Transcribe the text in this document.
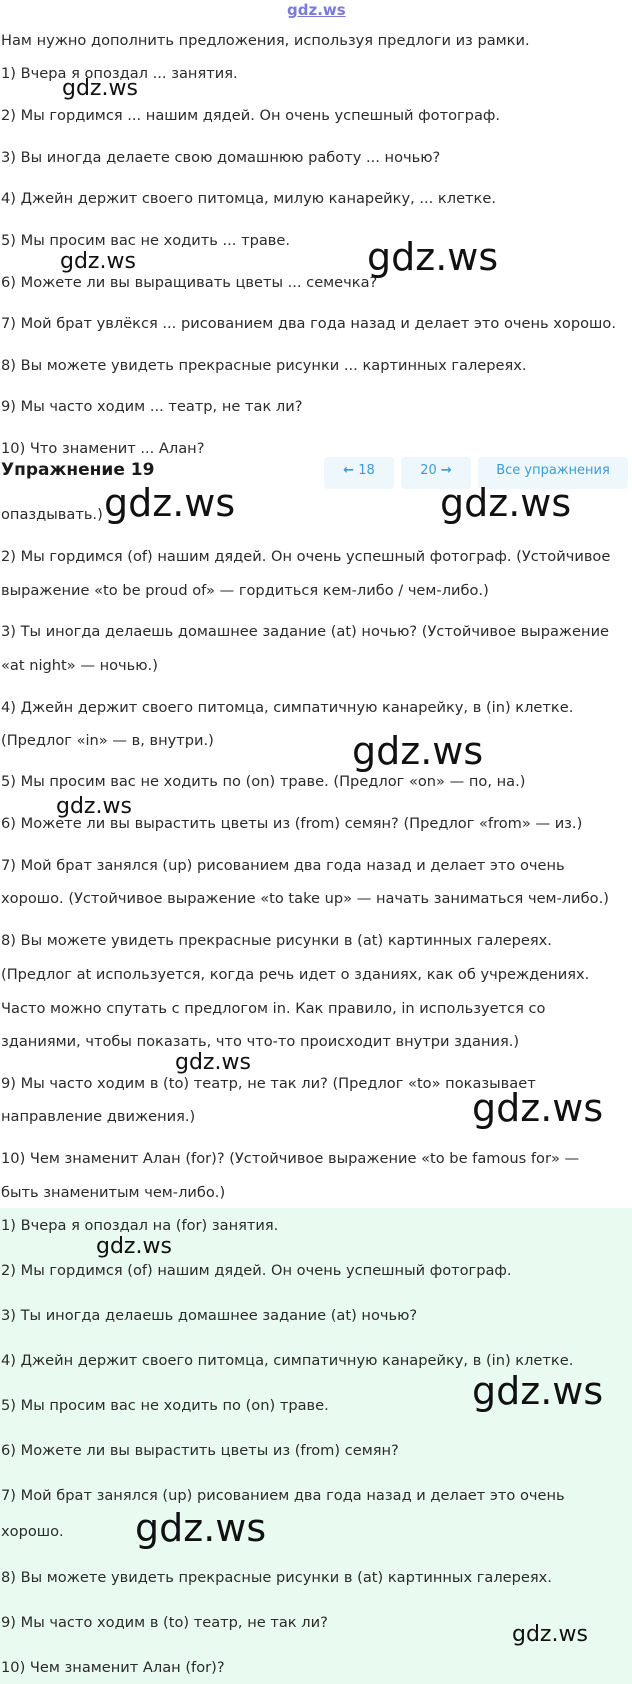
gdz.ws
Нам нужно дополнить предложения, используя предлоги из рамки.
1) Вчера я опоздал ... занятия.
2) Мы гордимся ... нашим дядей. Он очень успешный фотограф.
3) Вы иногда делаете свою домашнюю работу ... ночью?
4) Джейн держит своего питомца, милую канарейку, ... клетке.
5) Мы просим вас не ходить ... траве.
6) Можете ли вы выращивать цветы ... семечка?
7) Мой брат увлёкся ... рисованием два года назад и делает это очень хорошо.
8) Вы можете увидеть прекрасные рисунки ... картинных галереях.
9) Мы часто ходим ... театр, не так ли?
10) Что знаменит ... Алан?
Упражнение 19	← 18	20 →	Все упражнения
опаздывать.)
2) Мы гордимся (of) нашим дядей. Он очень успешный фотограф. (Устойчивое
выражение «to be proud of» — гордиться кем-либо / чем-либо.)
3) Ты иногда делаешь домашнее задание (at) ночью? (Устойчивое выражение
«at night» — ночью.)
4) Джейн держит своего питомца, симпатичную канарейку, в (in) клетке.
(Предлог «in» — в, внутри.)
5) Мы просим вас не ходить по (on) траве. (Предлог «on» — по, на.)
6) Можете ли вы вырастить цветы из (from) семян? (Предлог «from» — из.)
7) Мой брат занялся (up) рисованием два года назад и делает это очень
хорошо. (Устойчивое выражение «to take up» — начать заниматься чем-либо.)
8) Вы можете увидеть прекрасные рисунки в (at) картинных галереях.
(Предлог at используется, когда речь идет о зданиях, как об учреждениях.
Часто можно спутать с предлогом in. Как правило, in используется со
зданиями, чтобы показать, что что-то происходит внутри здания.)
9) Мы часто ходим в (to) театр, не так ли? (Предлог «to» показывает
направление движения.)
10) Чем знаменит Алан (for)? (Устойчивое выражение «to be famous for» —
быть знаменитым чем-либо.)
1) Вчера я опоздал на (for) занятия.
2) Мы гордимся (of) нашим дядей. Он очень успешный фотограф.
3) Ты иногда делаешь домашнее задание (at) ночью?
4) Джейн держит своего питомца, симпатичную канарейку, в (in) клетке.
5) Мы просим вас не ходить по (on) траве.
6) Можете ли вы вырастить цветы из (from) семян?
7) Мой брат занялся (up) рисованием два года назад и делает это очень
хорошо.
8) Вы можете увидеть прекрасные рисунки в (at) картинных галереях.
9) Мы часто ходим в (to) театр, не так ли?
10) Чем знаменит Алан (for)?
gdz.ws
gdz.ws	gdz.ws
gdz.ws	gdz.ws
gdz.ws
gdz.ws
gdz.ws
gdz.ws
gdz.ws
gdz.ws
gdz.ws
gdz.ws
